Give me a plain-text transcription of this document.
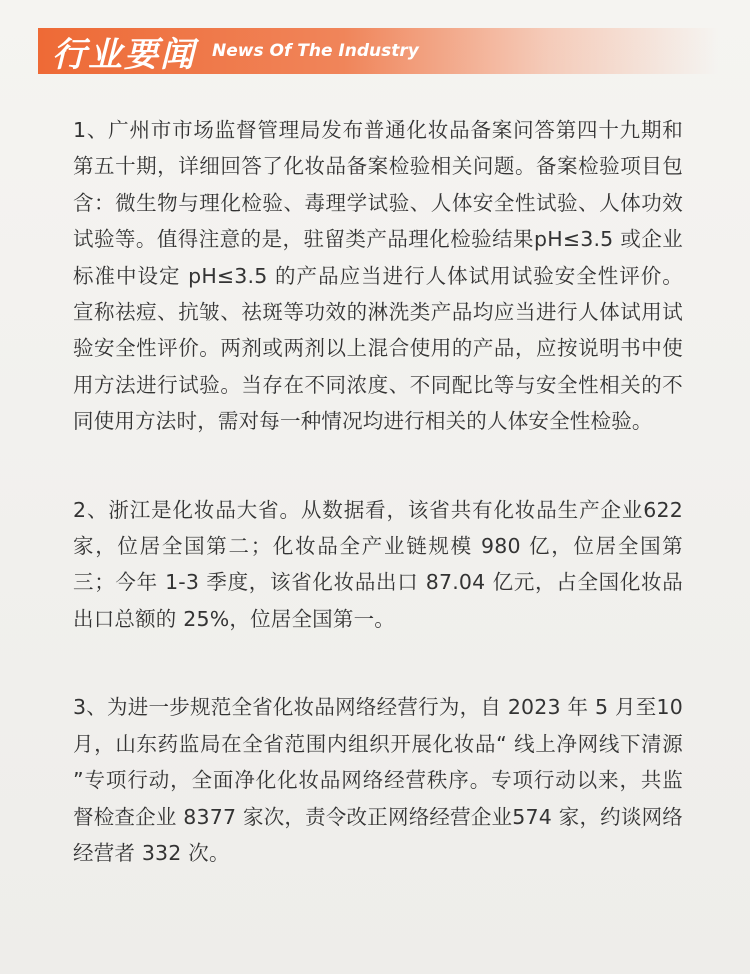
行业要闻 News Of The Industry

1、广州市市场监督管理局发布普通化妆品备案问答第四十九期和第五十期，详细回答了化妆品备案检验相关问题。备案检验项目包含：微生物与理化检验、毒理学试验、人体安全性试验、人体功效试验等。值得注意的是，驻留类产品理化检验结果pH≤3.5 或企业标准中设定 pH≤3.5 的产品应当进行人体试用试验安全性评价。宣称祛痘、抗皱、祛斑等功效的淋洗类产品均应当进行人体试用试验安全性评价。两剂或两剂以上混合使用的产品，应按说明书中使用方法进行试验。当存在不同浓度、不同配比等与安全性相关的不同使用方法时，需对每一种情况均进行相关的人体安全性检验。

2、浙江是化妆品大省。从数据看，该省共有化妆品生产企业622 家，位居全国第二；化妆品全产业链规模 980 亿，位居全国第三；今年 1-3 季度，该省化妆品出口 87.04 亿元，占全国化妆品出口总额的 25%，位居全国第一。

3、为进一步规范全省化妆品网络经营行为，自 2023 年 5 月至10 月，山东药监局在全省范围内组织开展化妆品“ 线上净网线下清源 ”专项行动，全面净化化妆品网络经营秩序。专项行动以来，共监督检查企业 8377 家次，责令改正网络经营企业574 家，约谈网络经营者 332 次。
